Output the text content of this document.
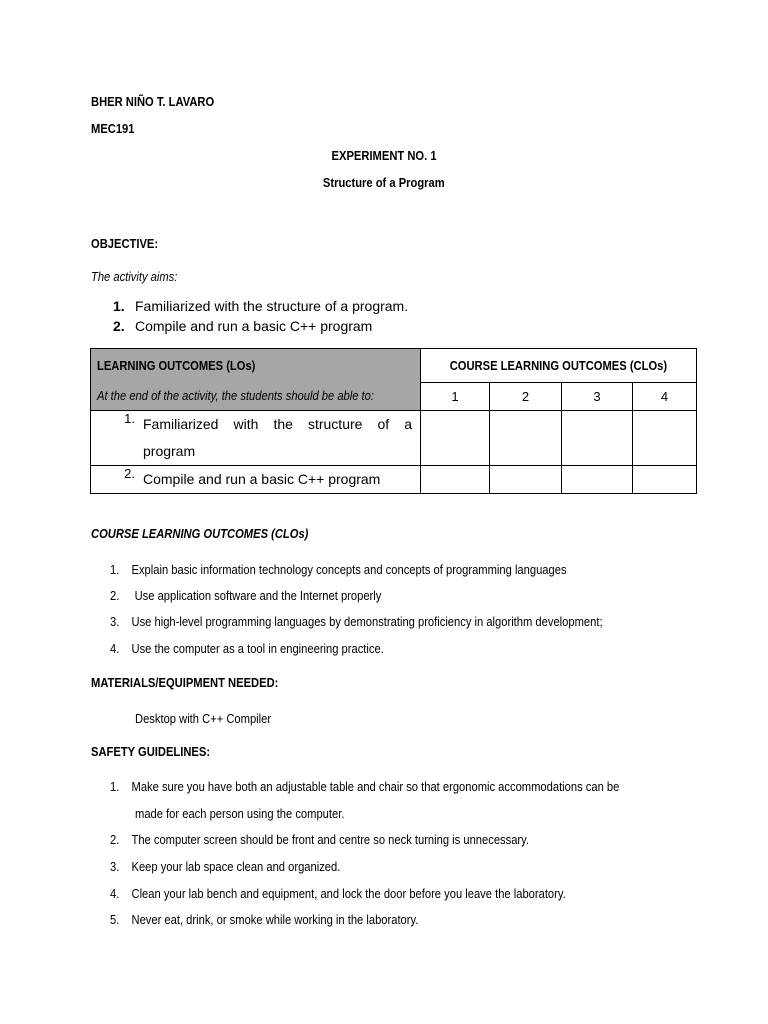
BHER NIÑO T. LAVARO
MEC191
EXPERIMENT NO. 1
Structure of a Program
OBJECTIVE:
The activity aims:
1. Familiarized with the structure of a program.
2. Compile and run a basic C++ program
LEARNING OUTCOMES (LOs)	COURSE LEARNING OUTCOMES (CLOs)			
At the end of the activity, the students should be able to:	1	2	3	4

1. Familiarized with the structure of a
program				

2. Compile and run a basic C++ program				

COURSE LEARNING OUTCOMES (CLOs)
1. Explain basic information technology concepts and concepts of programming languages
2. Use application software and the Internet properly
3. Use high-level programming languages by demonstrating proficiency in algorithm development;
4. Use the computer as a tool in engineering practice.
MATERIALS/EQUIPMENT NEEDED:
Desktop with C++ Compiler
SAFETY GUIDELINES:
1. Make sure you have both an adjustable table and chair so that ergonomic accommodations can be
made for each person using the computer.
2. The computer screen should be front and centre so neck turning is unnecessary.
3. Keep your lab space clean and organized.
4. Clean your lab bench and equipment, and lock the door before you leave the laboratory.
5. Never eat, drink, or smoke while working in the laboratory.
